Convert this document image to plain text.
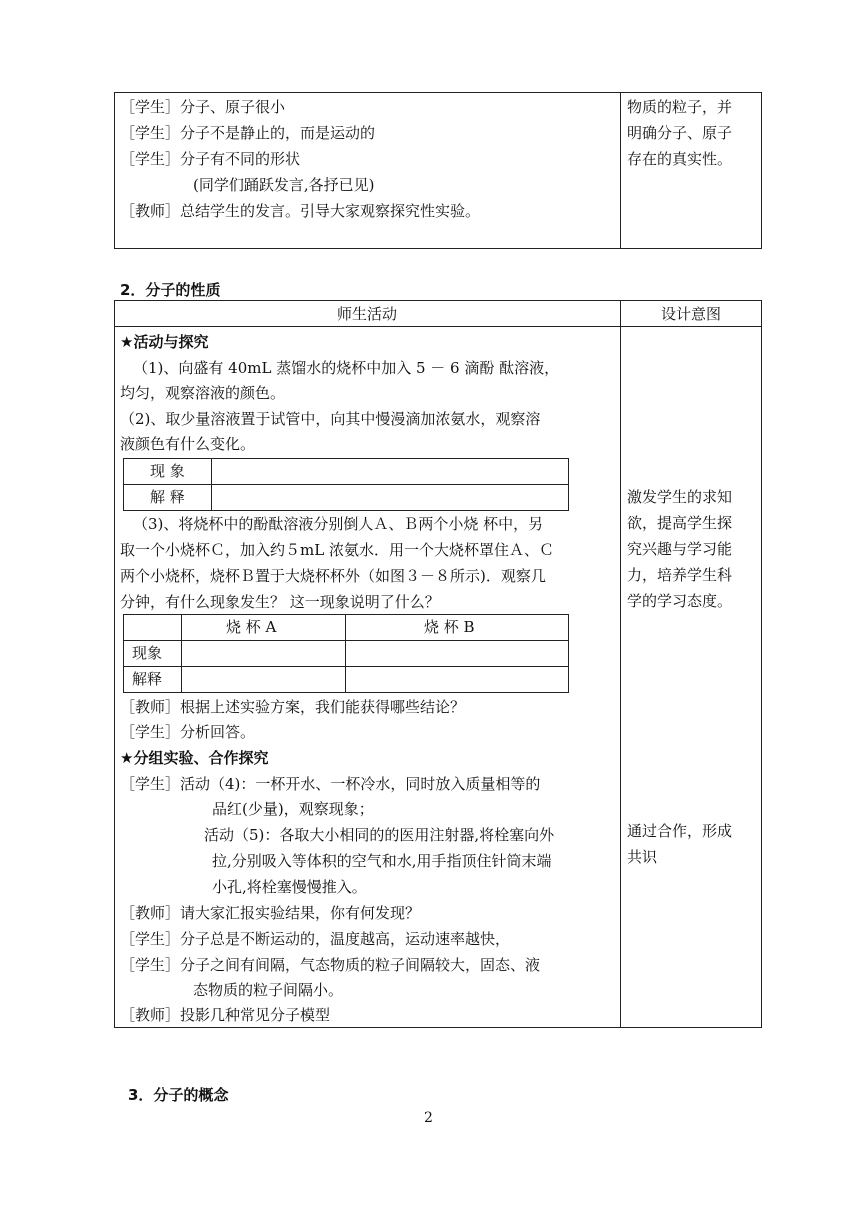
［学生］分子、原子很小
［学生］分子不是静止的，而是运动的
［学生］分子有不同的形状
(同学们踊跃发言,各抒已见)
［教师］总结学生的发言。引导大家观察探究性实验。
物质的粒子，并
明确分子、原子
存在的真实性。
2．分子的性质
师生活动	设计意图
★活动与探究
（1)、向盛有 40mL 蒸馏水的烧杯中加入 5 － 6 滴酚 酞溶液，
均匀，观察溶液的颜色。
（2)、取少量溶液置于试管中，向其中慢漫滴加浓氨水，观察溶
液颜色有什么变化。
现 象
解 释
（3)、将烧杯中的酚酞溶液分别倒人Ａ、Ｂ两个小烧 杯中，另
取一个小烧杯Ｃ，加入约５mL 浓氨水．用一个大烧杯罩住Ａ、Ｃ
两个小烧杯，烧杯Ｂ置于大烧杯杯外（如图３－８所示)．观察几
分钟，有什么现象发生？ 这一现象说明了什么？
烧 杯 A	烧 杯 B
现象
解释
［教师］根据上述实验方案，我们能获得哪些结论？
［学生］分析回答。
★分组实验、合作探究
［学生］活动（4)：一杯开水、一杯冷水，同时放入质量相等的
品红(少量)，观察现象；
活动（5)：各取大小相同的的医用注射器,将栓塞向外
拉,分别吸入等体积的空气和水,用手指顶住针筒末端
小孔,将栓塞慢慢推入。
［教师］请大家汇报实验结果，你有何发现？
［学生］分子总是不断运动的，温度越高，运动速率越快，
［学生］分子之间有间隔，气态物质的粒子间隔较大，固态、液
态物质的粒子间隔小。
［教师］投影几种常见分子模型
激发学生的求知
欲，提高学生探
究兴趣与学习能
力，培养学生科
学的学习态度。
通过合作，形成
共识
3．分子的概念
2
